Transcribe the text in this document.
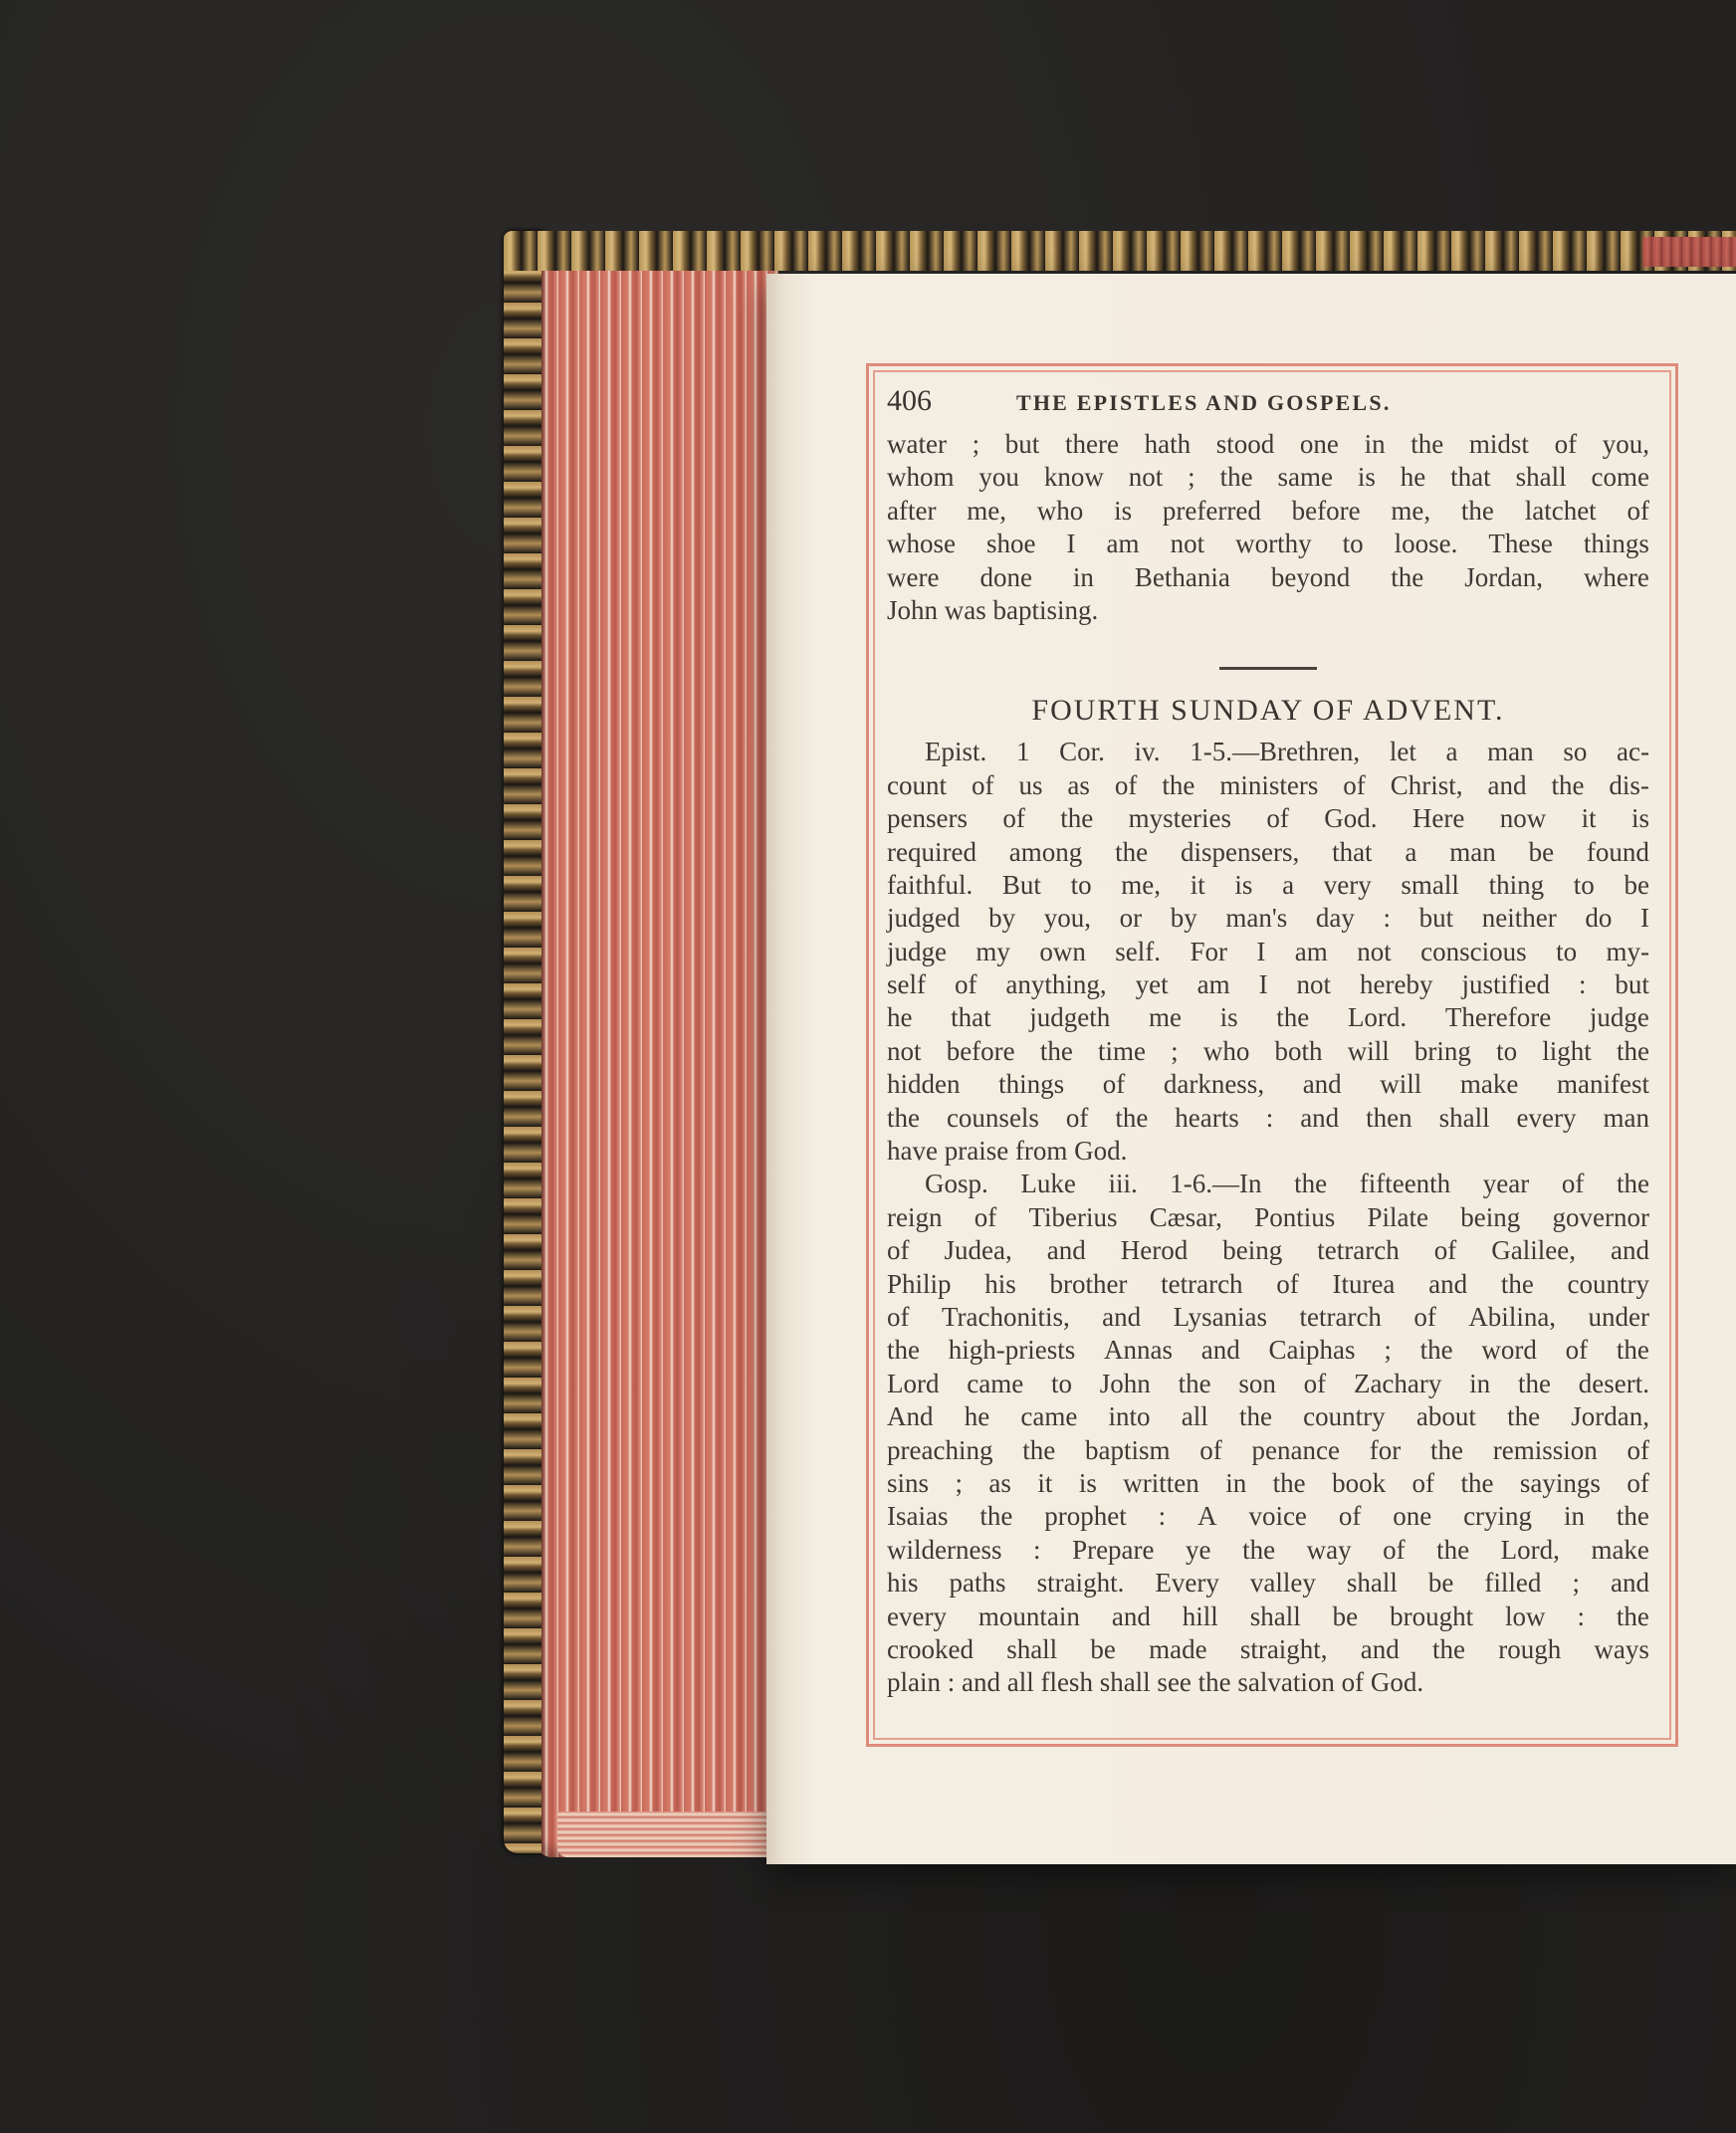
406	THE EPISTLES AND GOSPELS.
water ; but there hath stood one in the midst of you,
whom you know not ; the same is he that shall come
after me, who is preferred before me, the latchet of
whose shoe I am not worthy to loose. These things
were done in Bethania beyond the Jordan, where
John was baptising.
FOURTH SUNDAY OF ADVENT.
Epist. 1 Cor. iv. 1-5.—Brethren, let a man so ac-
count of us as of the ministers of Christ, and the dis-
pensers of the mysteries of God. Here now it is
required among the dispensers, that a man be found
faithful. But to me, it is a very small thing to be
judged by you, or by man's day : but neither do I
judge my own self. For I am not conscious to my-
self of anything, yet am I not hereby justified : but
he that judgeth me is the Lord. Therefore judge
not before the time ; who both will bring to light the
hidden things of darkness, and will make manifest
the counsels of the hearts : and then shall every man
have praise from God.
Gosp. Luke iii. 1-6.—In the fifteenth year of the
reign of Tiberius Cæsar, Pontius Pilate being governor
of Judea, and Herod being tetrarch of Galilee, and
Philip his brother tetrarch of Iturea and the country
of Trachonitis, and Lysanias tetrarch of Abilina, under
the high-priests Annas and Caiphas ; the word of the
Lord came to John the son of Zachary in the desert.
And he came into all the country about the Jordan,
preaching the baptism of penance for the remission of
sins ; as it is written in the book of the sayings of
Isaias the prophet : A voice of one crying in the
wilderness : Prepare ye the way of the Lord, make
his paths straight. Every valley shall be filled ; and
every mountain and hill shall be brought low : the
crooked shall be made straight, and the rough ways
plain : and all flesh shall see the salvation of God.
